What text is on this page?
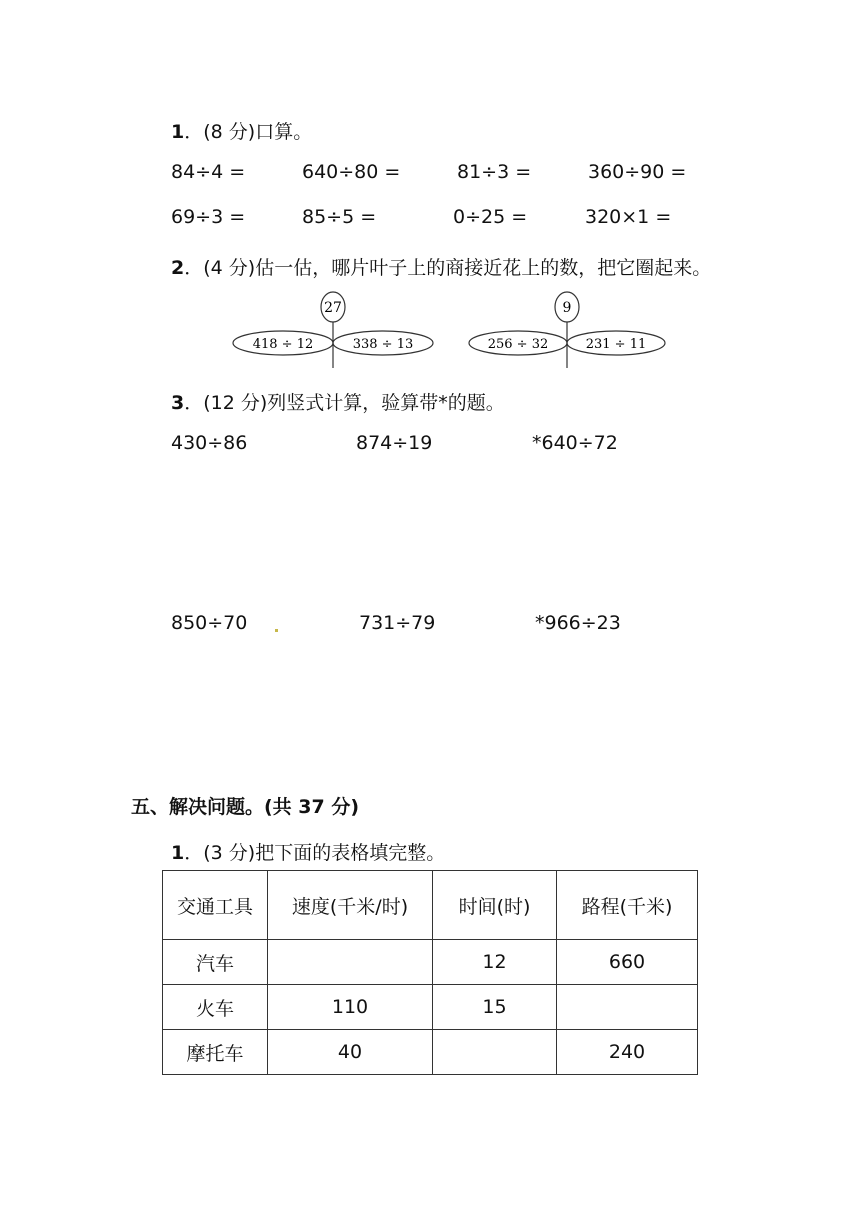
1．(8 分)口算。
84÷4 =	640÷80 =	81÷3 =	360÷90 =
69÷3 =	85÷5 =	0÷25 =	320×1 =
2．(4 分)估一估，哪片叶子上的商接近花上的数，把它圈起来。
27
418 ÷ 12	338 ÷ 13
9
256 ÷ 32	231 ÷ 11
3．(12 分)列竖式计算，验算带*的题。
430÷86	874÷19	*640÷72
850÷70	731÷79	*966÷23
五、解决问题。(共 37 分)
1．(3 分)把下面的表格填完整。
交通工具	速度(千米/时)	时间(时)	路程(千米)
汽车		12	660
火车	110	15	
摩托车	40		240
